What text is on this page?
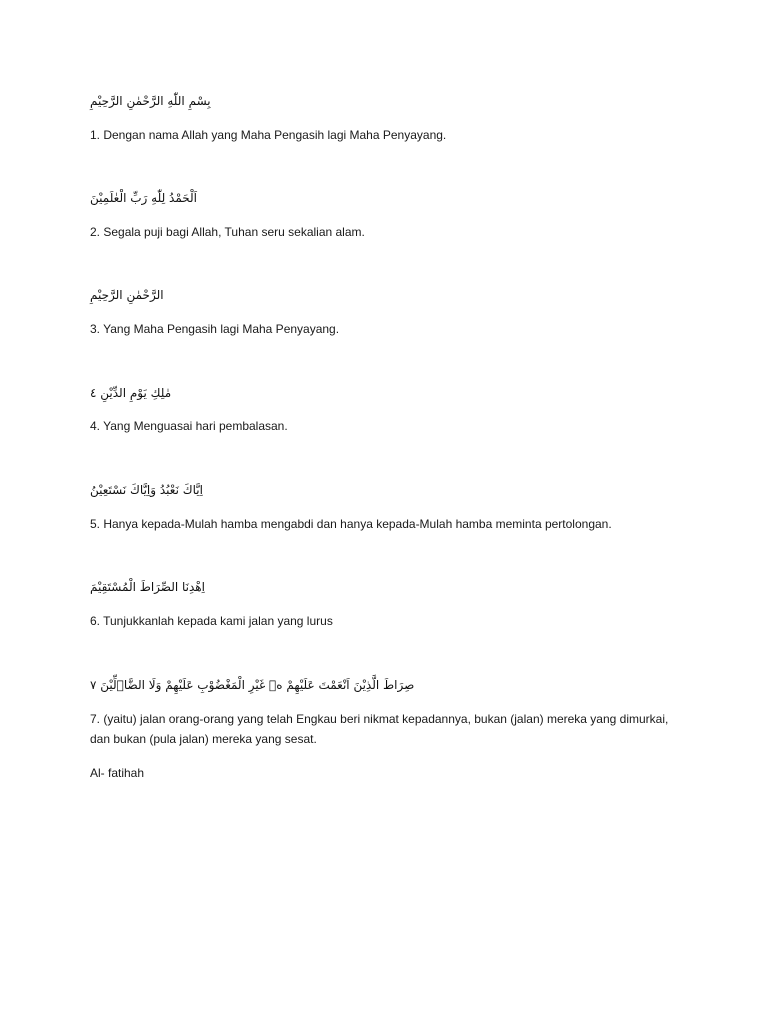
بِسْمِ اللّٰهِ الرَّحْمٰنِ الرَّحِيْمِ
1. Dengan nama Allah yang Maha Pengasih lagi Maha Penyayang.
اَلْحَمْدُ لِلّٰهِ رَبِّ الْعٰلَمِيْنَ
2. Segala puji bagi Allah, Tuhan seru sekalian alam.
الرَّحْمٰنِ الرَّحِيْمِ
3. Yang Maha Pengasih lagi Maha Penyayang.
مٰلِكِ يَوْمِ الدِّيْنِ ٤
4. Yang Menguasai hari pembalasan.
اِيَّاكَ نَعْبُدُ وَاِيَّاكَ نَسْتَعِيْنُ
5. Hanya kepada-Mulah hamba mengabdi dan hanya kepada-Mulah hamba meminta pertolongan.
اِهْدِنَا الصِّرَاطَ الْمُسْتَقِيْمَ
6. Tunjukkanlah kepada kami jalan yang lurus
صِرَاطَ الَّذِيْنَ اَنْعَمْتَ عَلَيْهِمْ ەۙ غَيْرِ الْمَغْضُوْبِ عَلَيْهِمْ وَلَا الضَّاۤلِّيْنَ ٧
7. (yaitu) jalan orang-orang yang telah Engkau beri nikmat kepadannya, bukan (jalan) mereka yang dimurkai, dan bukan (pula jalan) mereka yang sesat.
Al- fatihah
